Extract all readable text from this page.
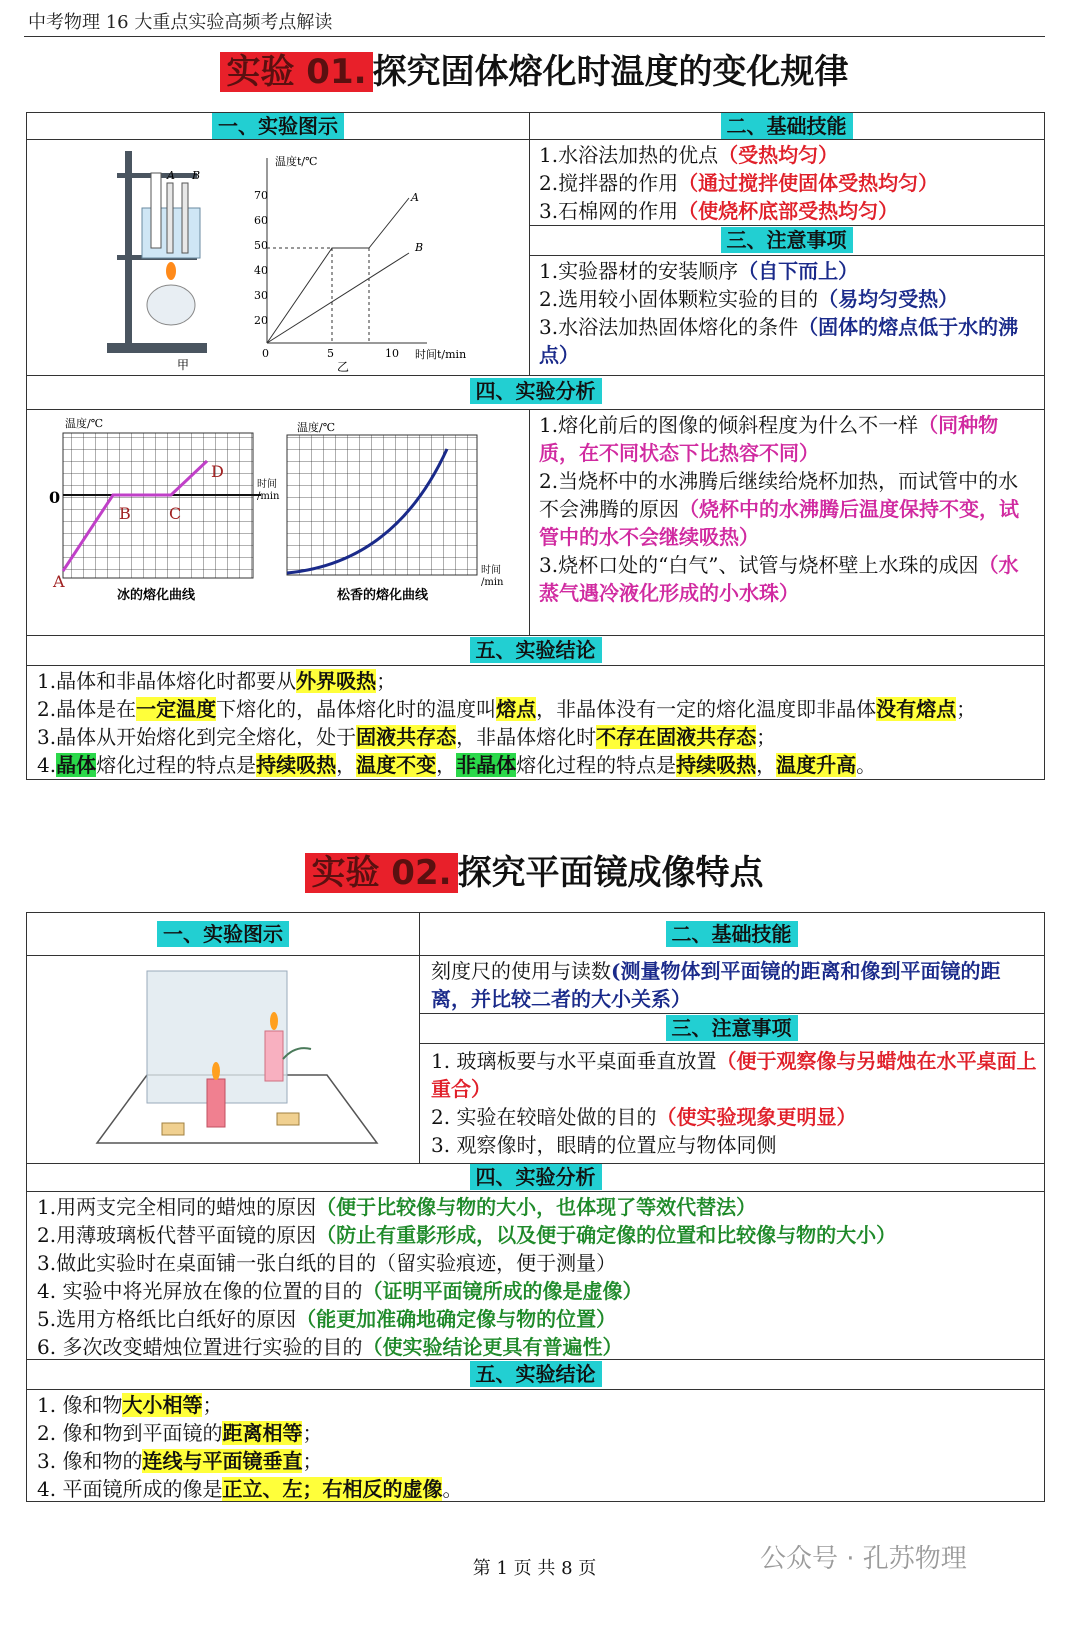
中考物理 16 大重点实验高频考点解读
实验 01. 探究固体熔化时温度的变化规律
一、实验图示	二、基础技能
三、注意事项
四、实验分析
五、实验结论
A B
甲
温度t/℃
时间t/min
70
60
50
40
30
20
0	5	10
A
B
乙

1.水浴法加热的优点（受热均匀）

2.搅拌器的作用（通过搅拌使固体受热均匀）

3.石棉网的作用（使烧杯底部受热均匀）

1.实验器材的安装顺序（自下而上）

2.选用较小固体颗粒实验的目的（易均匀受热）

3.水浴法加热固体熔化的条件（固体的熔点低于水的沸点）

温度/℃
0
时间
/min
A
B C
D
冰的熔化曲线
温度/℃
时间
/min
松香的熔化曲线

1.熔化前后的图像的倾斜程度为什么不一样（同种物质，在不同状态下比热容不同）

2.当烧杯中的水沸腾后继续给烧杯加热，而试管中的水不会沸腾的原因（烧杯中的水沸腾后温度保持不变，试管中的水不会继续吸热）

3.烧杯口处的“白气”、试管与烧杯壁上水珠的成因（水蒸气遇冷液化形成的小水珠）

1.晶体和非晶体熔化时都要从外界吸热；

2.晶体是在一定温度下熔化的，晶体熔化时的温度叫熔点，非晶体没有一定的熔化温度即非晶体没有熔点；

3.晶体从开始熔化到完全熔化，处于固液共存态，非晶体熔化时不存在固液共存态；

4.晶体熔化过程的特点是持续吸热，温度不变，非晶体熔化过程的特点是持续吸热，温度升高。

实验 02. 探究平面镜成像特点
一、实验图示	二、基础技能
三、注意事项
四、实验分析
五、实验结论

刻度尺的使用与读数(测量物体到平面镜的距离和像到平面镜的距离，并比较二者的大小关系）

1. 玻璃板要与水平桌面垂直放置（便于观察像与另蜡烛在水平桌面上重合）

2. 实验在较暗处做的目的（使实验现象更明显）

3. 观察像时，眼睛的位置应与物体同侧

1.用两支完全相同的蜡烛的原因（便于比较像与物的大小，也体现了等效代替法）

2.用薄玻璃板代替平面镜的原因（防止有重影形成，以及便于确定像的位置和比较像与物的大小）

3.做此实验时在桌面铺一张白纸的目的（留实验痕迹，便于测量）

4. 实验中将光屏放在像的位置的目的（证明平面镜所成的像是虚像）

5.选用方格纸比白纸好的原因（能更加准确地确定像与物的位置）

6. 多次改变蜡烛位置进行实验的目的（使实验结论更具有普遍性）

1. 像和物大小相等；

2. 像和物到平面镜的距离相等；

3. 像和物的连线与平面镜垂直；

4. 平面镜所成的像是正立、左；右相反的虚像。

第 1 页 共 8 页	公众号 · 孔苏物理
